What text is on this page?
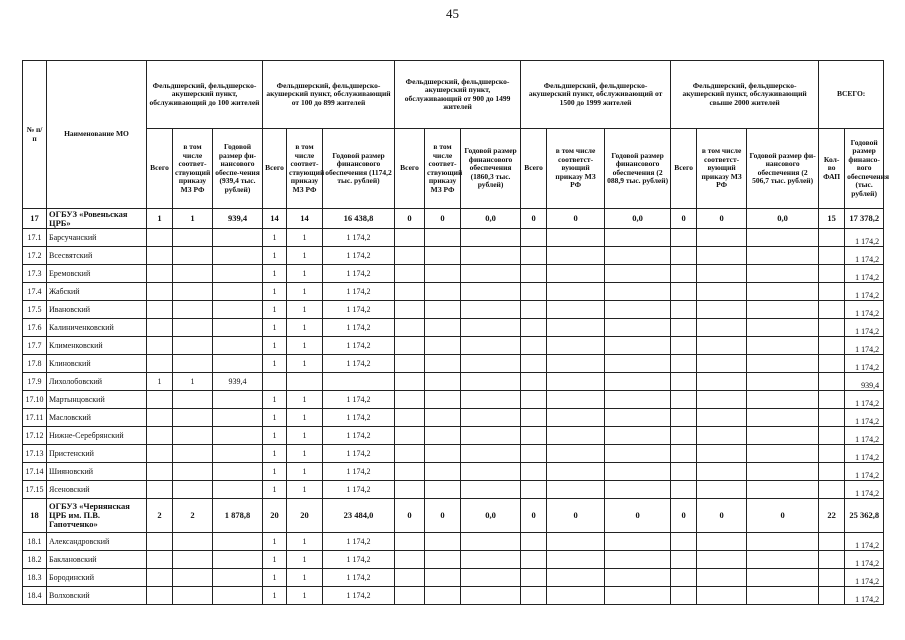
45
№ п/п	Наименование МО	Фельдшерский, фельдшерско-акушерский пункт, обслуживающий до 100 жителей			Фельдшерский, фельдшерско-акушерский пункт, обслуживающий от 100 до 899 жителей			Фельдшерский, фельдшерско-акушерский пункт, обслуживающий от 900 до 1499 жителей			Фельдшерский, фельдшерско-акушерский пункт, обслуживающий от 1500 до 1999 жителей			Фельдшерский, фельдшерско-акушерский пункт, обслуживающий свыше 2000 жителей			ВСЕГО:	
		Всего	в том числе соответ-ствующий приказу МЗ РФ	Годовой размер фи-нансового обеспе-чения (939,4 тыс. рублей)	Всего	в том числе соответ-ствующий приказу МЗ РФ	Годовой размер финансового обеспечения (1174,2 тыс. рублей)	Всего	в том числе соответ-ствующий приказу МЗ РФ	Годовой размер финансового обеспечения (1860,3 тыс. рублей)	Всего	в том числе соответст-вующий приказу МЗ РФ	Годовой размер финансового обеспечения (2 088,9 тыс. рублей)	Всего	в том числе соответст-вующий приказу МЗ РФ	Годовой размер фи-нансового обеспечения (2 506,7 тыс. рублей)	Кол-во ФАП	Годовой размер финансо-вого обеспечения (тыс. рублей)
17	ОГБУЗ «Ровеньская ЦРБ»	1	1	939,4	14	14	16 438,8	0	0	0,0	0	0	0,0	0	0	0,0	15	17 378,2
17.1	Барсучанский				1	1	1 174,2											1 174,2
17.2	Всесвятский				1	1	1 174,2											1 174,2
17.3	Еремовский				1	1	1 174,2											1 174,2
17.4	Жабский				1	1	1 174,2											1 174,2
17.5	Ивановский				1	1	1 174,2											1 174,2
17.6	Калиниченковский				1	1	1 174,2											1 174,2
17.7	Клименковский				1	1	1 174,2											1 174,2
17.8	Клиновский				1	1	1 174,2											1 174,2
17.9	Лихолобовский	1	1	939,4														939,4
17.10	Мартынцовский				1	1	1 174,2											1 174,2
17.11	Масловский				1	1	1 174,2											1 174,2
17.12	Нижне-Серебрянский				1	1	1 174,2											1 174,2
17.13	Пристенский				1	1	1 174,2											1 174,2
17.14	Шияновский				1	1	1 174,2											1 174,2
17.15	Ясеновский				1	1	1 174,2											1 174,2
18	ОГБУЗ «Чернянская ЦРБ им. П.В. Гапотченко»	2	2	1 878,8	20	20	23 484,0	0	0	0,0	0	0	0	0	0	0	22	25 362,8
18.1	Александровский				1	1	1 174,2											1 174,2
18.2	Баклановский				1	1	1 174,2											1 174,2
18.3	Бородинский				1	1	1 174,2											1 174,2
18.4	Волховский				1	1	1 174,2											1 174,2
